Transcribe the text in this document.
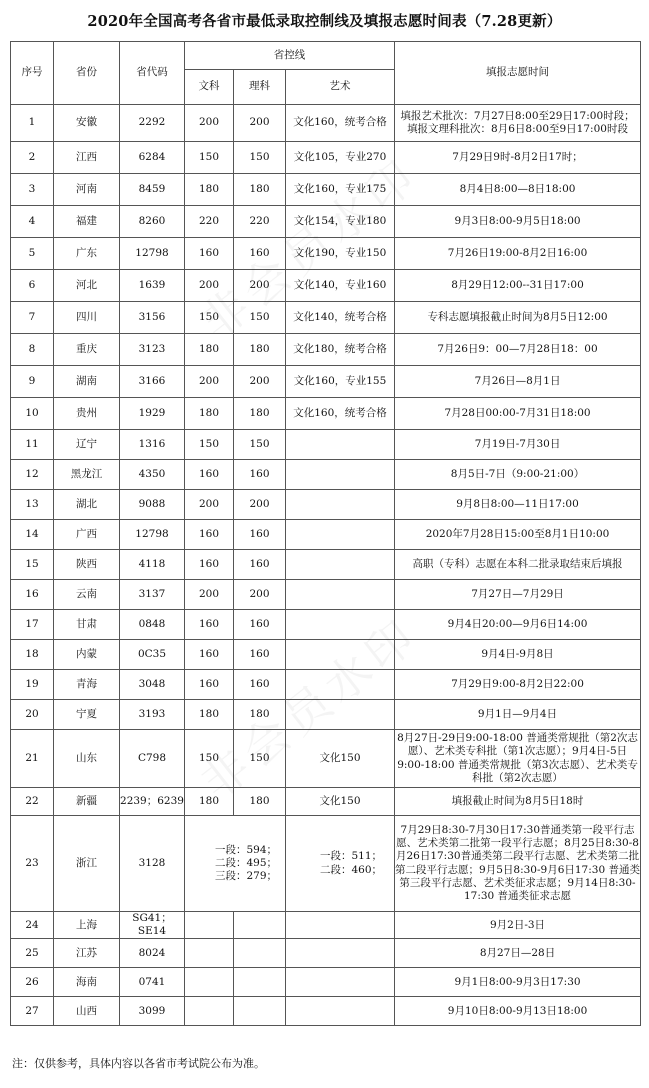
2020年全国高考各省市最低录取控制线及填报志愿时间表（7.28更新）
序号	省份	省代码	省控线			填报志愿时间
			文科	理科	艺术	
1	安徽	2292	200	200	文化160，统考合格	填报艺术批次：7月27日8:00至29日17:00时段；
填报文理科批次：8月6日8:00至9日17:00时段
2	江西	6284	150	150	文化105，专业270	7月29日9时-8月2日17时；
3	河南	8459	180	180	文化160，专业175	8月4日8:00—8日18:00
4	福建	8260	220	220	文化154，专业180	9月3日8:00-9月5日18:00
5	广东	12798	160	160	文化190，专业150	7月26日19:00-8月2日16:00
6	河北	1639	200	200	文化140，专业160	8月29日12:00--31日17:00
7	四川	3156	150	150	文化140，统考合格	专科志愿填报截止时间为8月5日12:00
8	重庆	3123	180	180	文化180，统考合格	7月26日9：00—7月28日18：00
9	湖南	3166	200	200	文化160，专业155	7月26日—8月1日
10	贵州	1929	180	180	文化160，统考合格	7月28日00:00-7月31日18:00
11	辽宁	1316	150	150		7月19日-7月30日
12	黑龙江	4350	160	160		8月5日-7日（9:00-21:00）
13	湖北	9088	200	200		9月8日8:00—11日17:00
14	广西	12798	160	160		2020年7月28日15:00至8月1日10:00
15	陕西	4118	160	160		高职（专科）志愿在本科二批录取结束后填报
16	云南	3137	200	200		7月27日—7月29日
17	甘肃	0848	160	160		9月4日20:00—9月6日14:00
18	内蒙	0C35	160	160		9月4日-9月8日
19	青海	3048	160	160		7月29日9:00-8月2日22:00
20	宁夏	3193	180	180		9月1日—9月4日
21	山东	C798	150	150	文化150	8月27日-29日9:00-18:00 普通类常规批（第2次志愿）、艺术类专科批（第1次志愿）；9月4日-5日9:00-18:00 普通类常规批（第3次志愿）、艺术类专科批（第2次志愿）
22	新疆	2239；6239	180	180	文化150	填报截止时间为8月5日18时
23	浙江	3128	一段：594；
二段：495；
三段：279；		一段：511；
二段：460；	7月29日8:30-7月30日17:30普通类第一段平行志愿、艺术类第二批第一段平行志愿；8月25日8:30-8月26日17:30普通类第二段平行志愿、艺术类第二批第二段平行志愿；9月5日8:30-9月6日17:30 普通类第三段平行志愿、艺术类征求志愿；9月14日8:30-17:30 普通类征求志愿
24	上海	SG41；SE14				9月2日-3日
25	江苏	8024				8月27日—28日
26	海南	0741				9月1日8:00-9月3日17:30
27	山西	3099				9月10日8:00-9月13日18:00
注：仅供参考，具体内容以各省市考试院公布为准。
